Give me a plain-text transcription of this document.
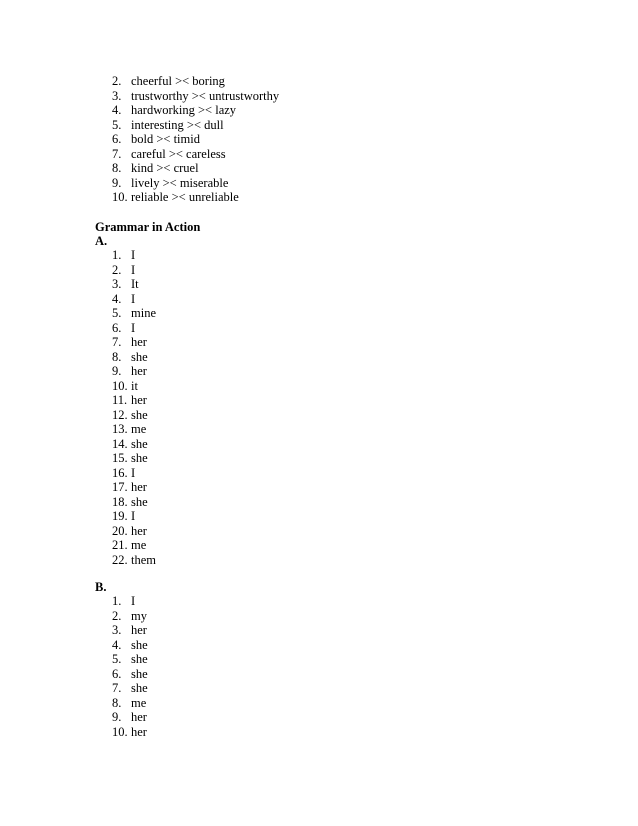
2. cheerful >< boring
3. trustworthy >< untrustworthy
4. hardworking >< lazy
5. interesting >< dull
6. bold >< timid
7. careful >< careless
8. kind >< cruel
9. lively >< miserable
10. reliable >< unreliable
Grammar in Action
A.
1. I
2. I
3. It
4. I
5. mine
6. I
7. her
8. she
9. her
10. it
11. her
12. she
13. me
14. she
15. she
16. I
17. her
18. she
19. I
20. her
21. me
22. them
B.
1. I
2. my
3. her
4. she
5. she
6. she
7. she
8. me
9. her
10. her
